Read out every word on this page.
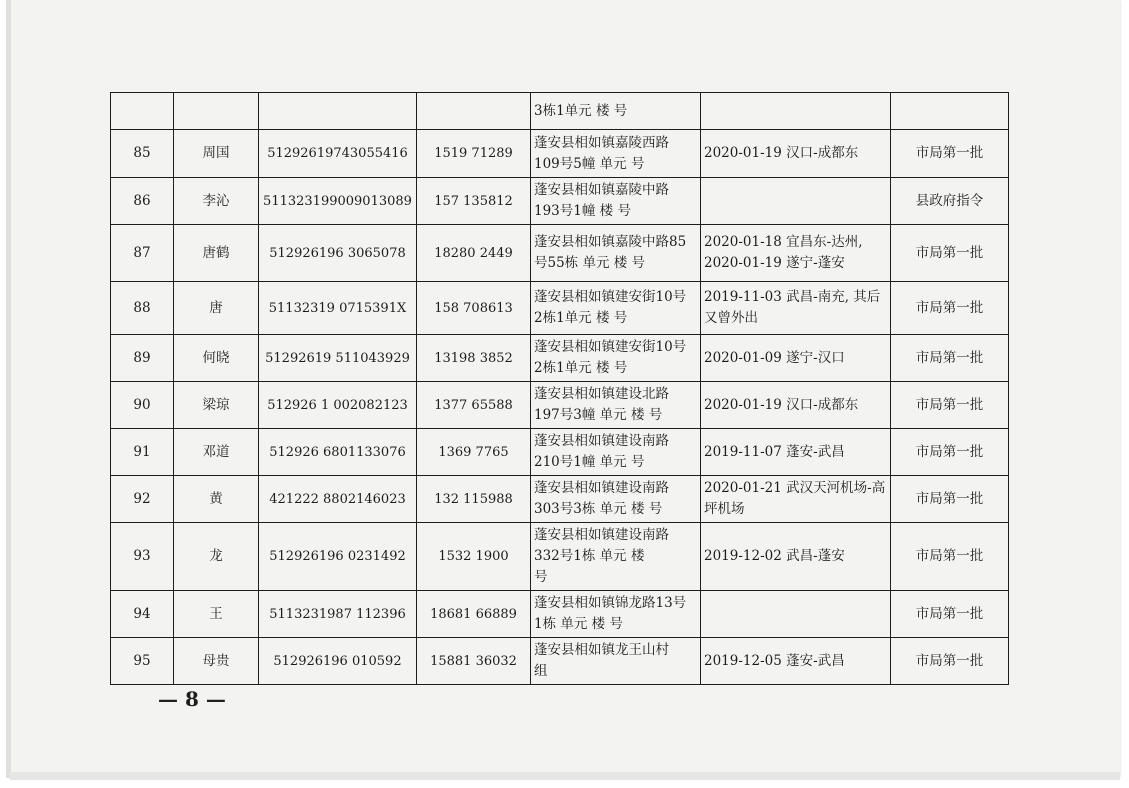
				3栋1单元 楼 号		
85	周国	51292619743055416	1519 71289	蓬安县相如镇嘉陵西路
109号5幢 单元 号	2020-01-19 汉口-成都东	市局第一批
86	李沁	511323199009013089	157 135812	蓬安县相如镇嘉陵中路
193号1幢 楼 号		县政府指令
87	唐鹤	512926196 3065078	18280 2449	蓬安县相如镇嘉陵中路85
号55栋 单元 楼 号	2020-01-18 宜昌东-达州,
2020-01-19 遂宁-蓬安	市局第一批
88	唐	51132319 0715391X	158 708613	蓬安县相如镇建安街10号
2栋1单元 楼 号	2019-11-03 武昌-南充, 其后
又曾外出	市局第一批
89	何晓	51292619 511043929	13198 3852	蓬安县相如镇建安街10号
2栋1单元 楼 号	2020-01-09 遂宁-汉口	市局第一批
90	梁琼	512926 1 002082123	1377 65588	蓬安县相如镇建设北路
197号3幢 单元 楼 号	2020-01-19 汉口-成都东	市局第一批
91	邓道	512926 6801133076	1369 7765	蓬安县相如镇建设南路
210号1幢 单元 号	2019-11-07 蓬安-武昌	市局第一批
92	黄	421222 8802146023	132 115988	蓬安县相如镇建设南路
303号3栋 单元 楼 号	2020-01-21 武汉天河机场-高
坪机场	市局第一批
93	龙	512926196 0231492	1532 1900	蓬安县相如镇建设南路
332号1栋 单元 楼
号	2019-12-02 武昌-蓬安	市局第一批
94	王	5113231987 112396	18681 66889	蓬安县相如镇锦龙路13号
1栋 单元 楼 号		市局第一批
95	母贵	512926196 010592	15881 36032	蓬安县相如镇龙王山村
组	2019-12-05 蓬安-武昌	市局第一批
— 8 —
